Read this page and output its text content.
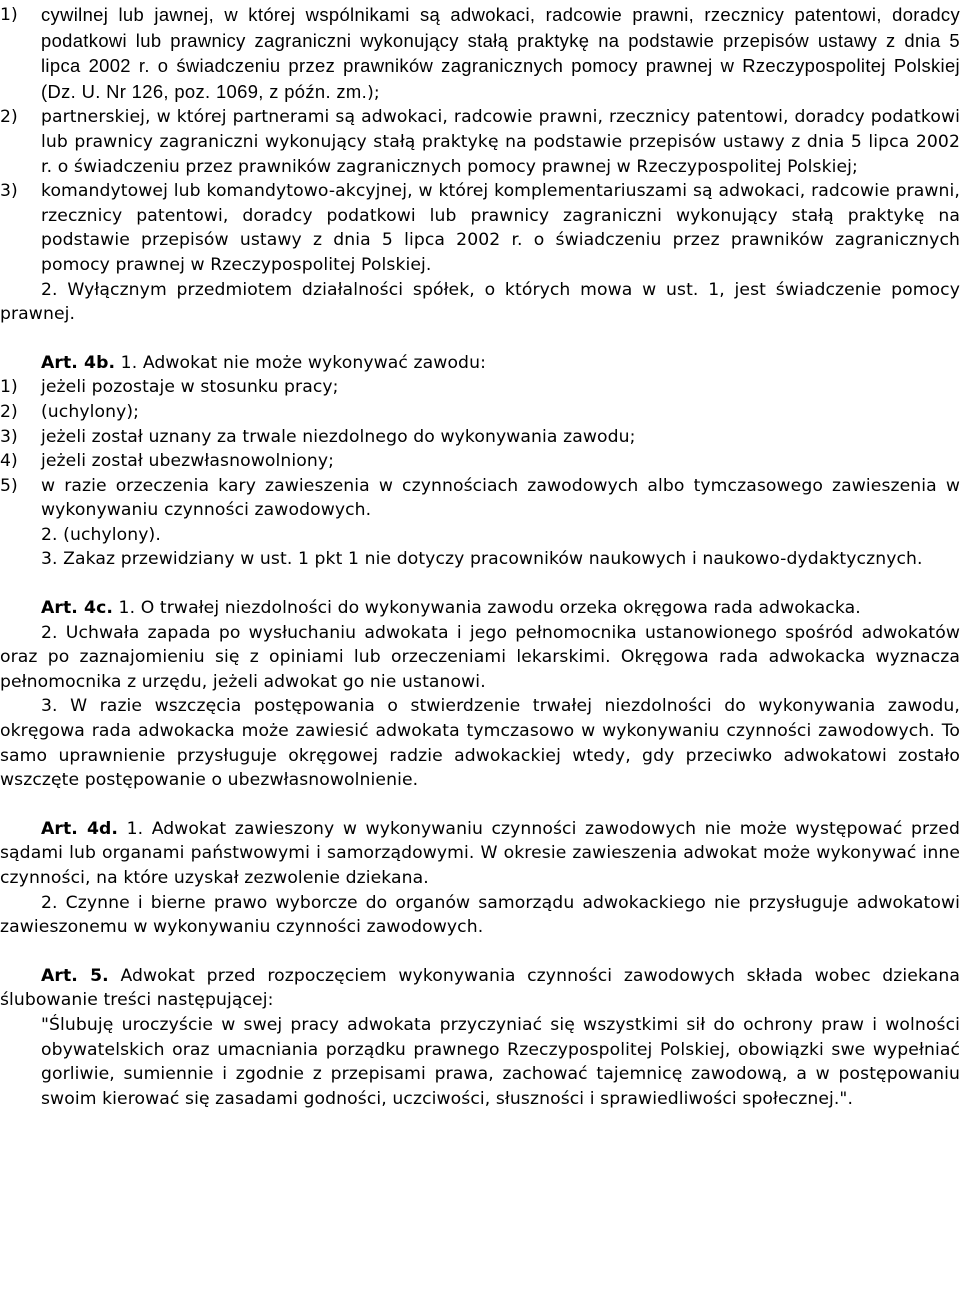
1) cywilnej lub jawnej, w której wspólnikami są adwokaci, radcowie prawni, rzecznicy patentowi, doradcy podatkowi lub prawnicy zagraniczni wykonujący stałą praktykę na podstawie przepisów ustawy z dnia 5 lipca 2002 r. o świadczeniu przez prawników zagranicznych pomocy prawnej w Rzeczypospolitej Polskiej (Dz. U. Nr 126, poz. 1069, z późn. zm.);
2) partnerskiej, w której partnerami są adwokaci, radcowie prawni, rzecznicy patentowi, doradcy podatkowi lub prawnicy zagraniczni wykonujący stałą praktykę na podstawie przepisów ustawy z dnia 5 lipca 2002 r. o świadczeniu przez prawników zagranicznych pomocy prawnej w Rzeczypospolitej Polskiej;
3) komandytowej lub komandytowo-akcyjnej, w której komplementariuszami są adwokaci, radcowie prawni, rzecznicy patentowi, doradcy podatkowi lub prawnicy zagraniczni wykonujący stałą praktykę na podstawie przepisów ustawy z dnia 5 lipca 2002 r. o świadczeniu przez prawników zagranicznych pomocy prawnej w Rzeczypospolitej Polskiej.

2. Wyłącznym przedmiotem działalności spółek, o których mowa w ust. 1, jest świadczenie pomocy prawnej.

Art. 4b. 1. Adwokat nie może wykonywać zawodu:

1) jeżeli pozostaje w stosunku pracy;
2) (uchylony);
3) jeżeli został uznany za trwale niezdolnego do wykonywania zawodu;
4) jeżeli został ubezwłasnowolniony;
5) w razie orzeczenia kary zawieszenia w czynnościach zawodowych albo tymczasowego zawieszenia w wykonywaniu czynności zawodowych.

2. (uchylony).

3. Zakaz przewidziany w ust. 1 pkt 1 nie dotyczy pracowników naukowych i naukowo-dydaktycznych.

Art. 4c. 1. O trwałej niezdolności do wykonywania zawodu orzeka okręgowa rada adwokacka.

2. Uchwała zapada po wysłuchaniu adwokata i jego pełnomocnika ustanowionego spośród adwokatów oraz po zaznajomieniu się z opiniami lub orzeczeniami lekarskimi. Okręgowa rada adwokacka wyznacza pełnomocnika z urzędu, jeżeli adwokat go nie ustanowi.

3. W razie wszczęcia postępowania o stwierdzenie trwałej niezdolności do wykonywania zawodu, okręgowa rada adwokacka może zawiesić adwokata tymczasowo w wykonywaniu czynności zawodowych. To samo uprawnienie przysługuje okręgowej radzie adwokackiej wtedy, gdy przeciwko adwokatowi zostało wszczęte postępowanie o ubezwłasnowolnienie.

Art. 4d. 1. Adwokat zawieszony w wykonywaniu czynności zawodowych nie może występować przed sądami lub organami państwowymi i samorządowymi. W okresie zawieszenia adwokat może wykonywać inne czynności, na które uzyskał zezwolenie dziekana.

2. Czynne i bierne prawo wyborcze do organów samorządu adwokackiego nie przysługuje adwokatowi zawieszonemu w wykonywaniu czynności zawodowych.

Art. 5. Adwokat przed rozpoczęciem wykonywania czynności zawodowych składa wobec dziekana ślubowanie treści następującej:

"Ślubuję uroczyście w swej pracy adwokata przyczyniać się wszystkimi sił do ochrony praw i wolności obywatelskich oraz umacniania porządku prawnego Rzeczypospolitej Polskiej, obowiązki swe wypełniać gorliwie, sumiennie i zgodnie z przepisami prawa, zachować tajemnicę zawodową, a w postępowaniu swoim kierować się zasadami godności, uczciwości, słuszności i sprawiedliwości społecznej.".
